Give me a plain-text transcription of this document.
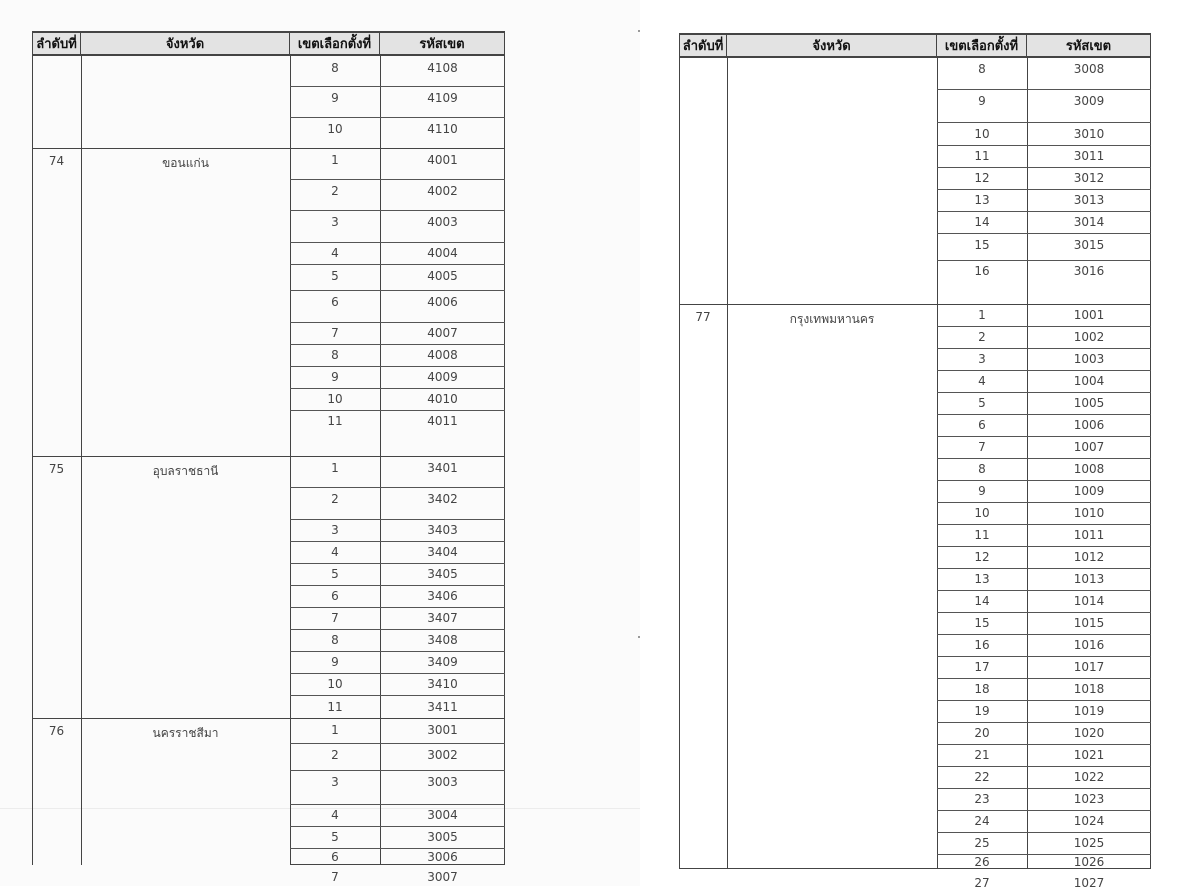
ลำดับที่	จังหวัด	เขตเลือกตั้งที่	รหัสเขต
8	4108
9	4109
10	4110
74	ขอนแก่น	1	4001
2	4002
3	4003
4	4004
5	4005
6	4006
7	4007
8	4008
9	4009
10	4010
11	4011
75	อุบลราชธานี	1	3401
2	3402
3	3403
4	3404
5	3405
6	3406
7	3407
8	3408
9	3409
10	3410
11	3411
76	นครราชสีมา	1	3001
2	3002
3	3003
4	3004
5	3005
6	3006
7	3007
ลำดับที่	จังหวัด	เขตเลือกตั้งที่	รหัสเขต
8	3008
9	3009
10	3010
11	3011
12	3012
13	3013
14	3014
15	3015
16	3016
77	กรุงเทพมหานคร	1	1001
2	1002
3	1003
4	1004
5	1005
6	1006
7	1007
8	1008
9	1009
10	1010
11	1011
12	1012
13	1013
14	1014
15	1015
16	1016
17	1017
18	1018
19	1019
20	1020
21	1021
22	1022
23	1023
24	1024
25	1025
26	1026
27	1027
